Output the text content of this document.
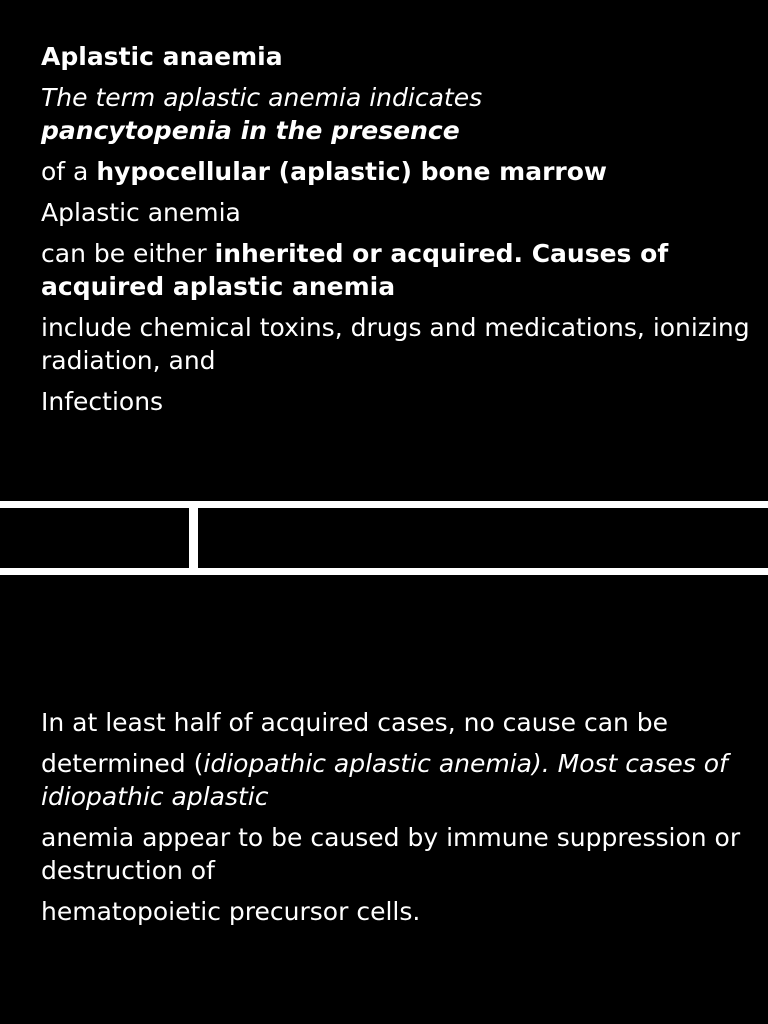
Aplastic anaemia

The term aplastic anemia indicates
pancytopenia in the presence

of a hypocellular (aplastic) bone marrow

Aplastic anemia

can be either inherited or acquired. Causes of acquired aplastic anemia

include chemical toxins, drugs and medications, ionizing radiation, and

Infections

In at least half of acquired cases, no cause can be

determined (idiopathic aplastic anemia). Most cases of idiopathic aplastic

anemia appear to be caused by immune suppression or destruction of

hematopoietic precursor cells.
